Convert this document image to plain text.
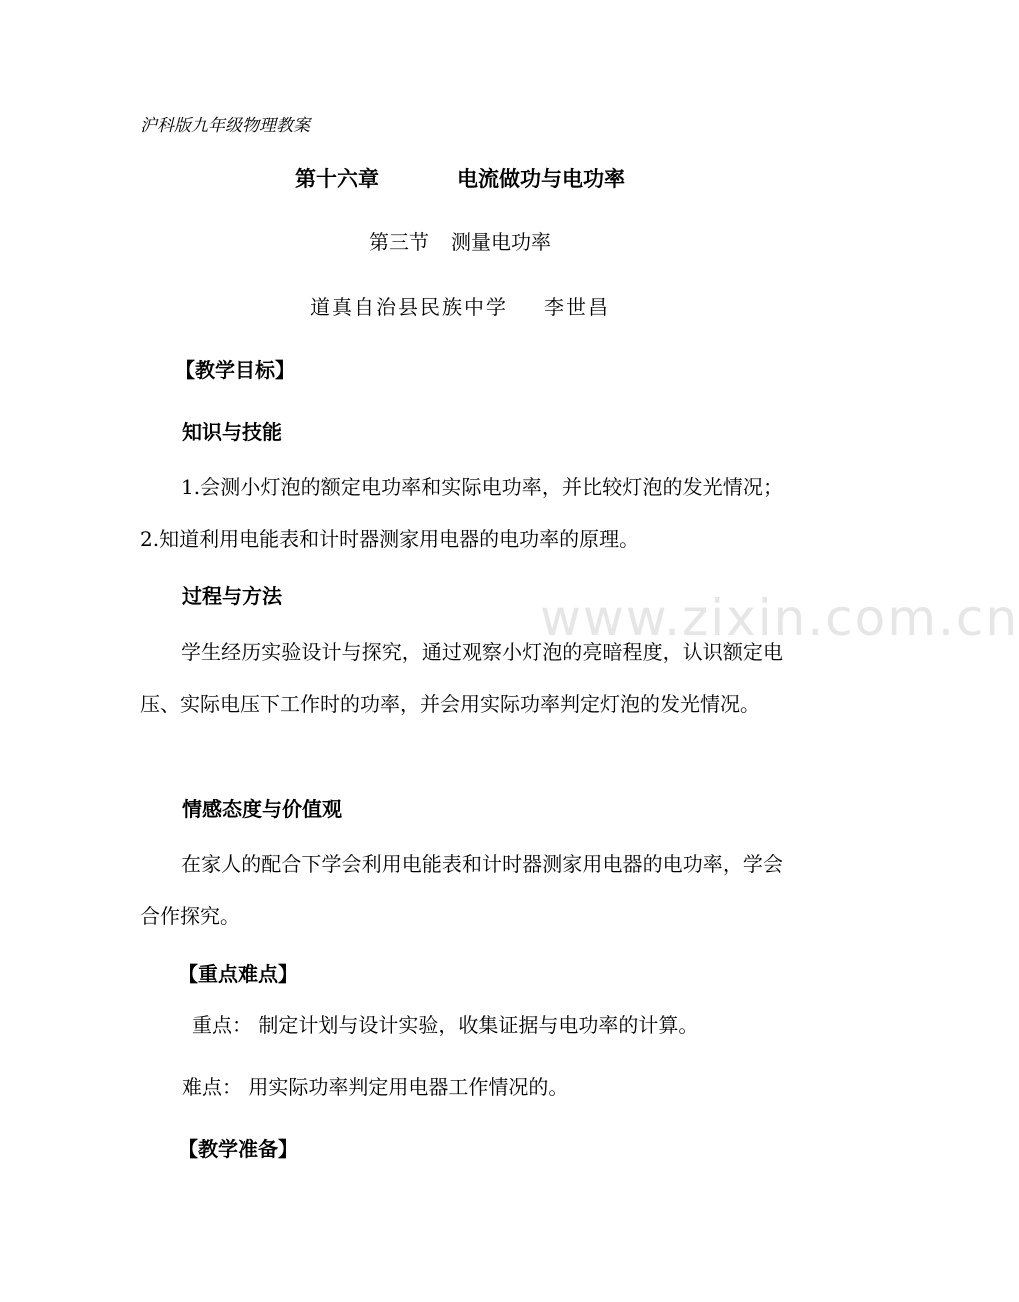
www.zixin.com.cn
沪科版九年级物理教案
第十六章	电流做功与电功率
第三节 测量电功率
道真自治县民族中学 李世昌
【教学目标】
知识与技能
1.会测小灯泡的额定电功率和实际电功率，并比较灯泡的发光情况；2.知道利用电能表和计时器测家用电器的电功率的原理。
过程与方法
学生经历实验设计与探究，通过观察小灯泡的亮暗程度，认识额定电压、实际电压下工作时的功率，并会用实际功率判定灯泡的发光情况。
情感态度与价值观
在家人的配合下学会利用电能表和计时器测家用电器的电功率，学会合作探究。
【重点难点】
重点： 制定计划与设计实验，收集证据与电功率的计算。
难点： 用实际功率判定用电器工作情况的。
【教学准备】
